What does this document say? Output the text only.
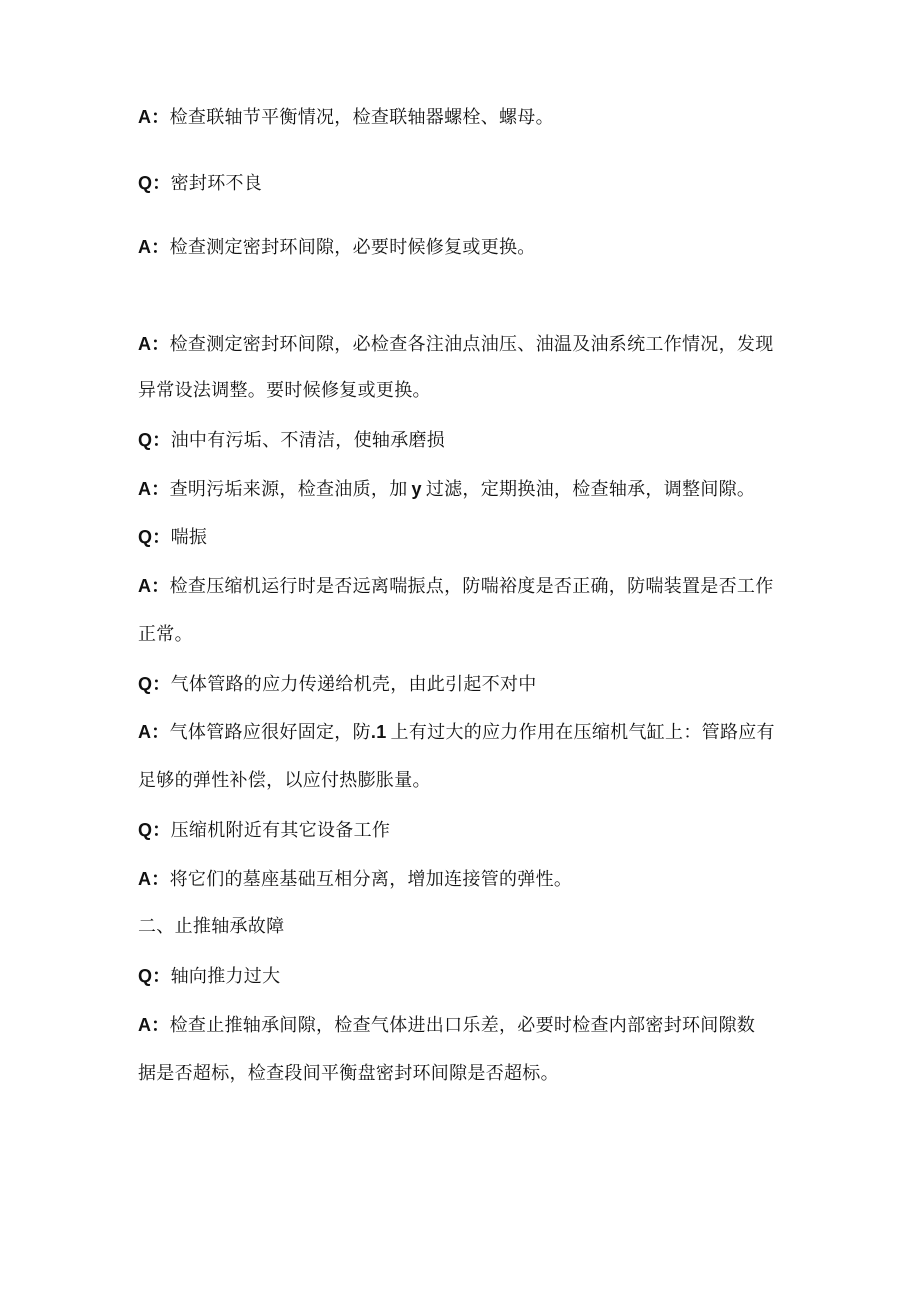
A：检查联轴节平衡情况，检查联轴器螺栓、螺母。
Q：密封环不良
A：检查测定密封环间隙，必要时候修复或更换。
A：检查测定密封环间隙，必检查各注油点油压、油温及油系统工作情况，发现
异常设法调整。要时候修复或更换。
Q：油中有污垢、不清洁，使轴承磨损
A：查明污垢来源，检查油质，加 y 过滤，定期换油，检查轴承，调整间隙。
Q：喘振
A：检查压缩机运行时是否远离喘振点，防喘裕度是否正确，防喘装置是否工作
正常。
Q：气体管路的应力传递给机壳，由此引起不对中
A：气体管路应很好固定，防.1 上有过大的应力作用在压缩机气缸上：管路应有
足够的弹性补偿，以应付热膨胀量。
Q：压缩机附近有其它设备工作
A：将它们的墓座基础互相分离，增加连接管的弹性。
二、止推轴承故障
Q：轴向推力过大
A：检查止推轴承间隙，检查气体进出口乐差，必要时检查内部密封环间隙数
据是否超标，检查段间平衡盘密封环间隙是否超标。
